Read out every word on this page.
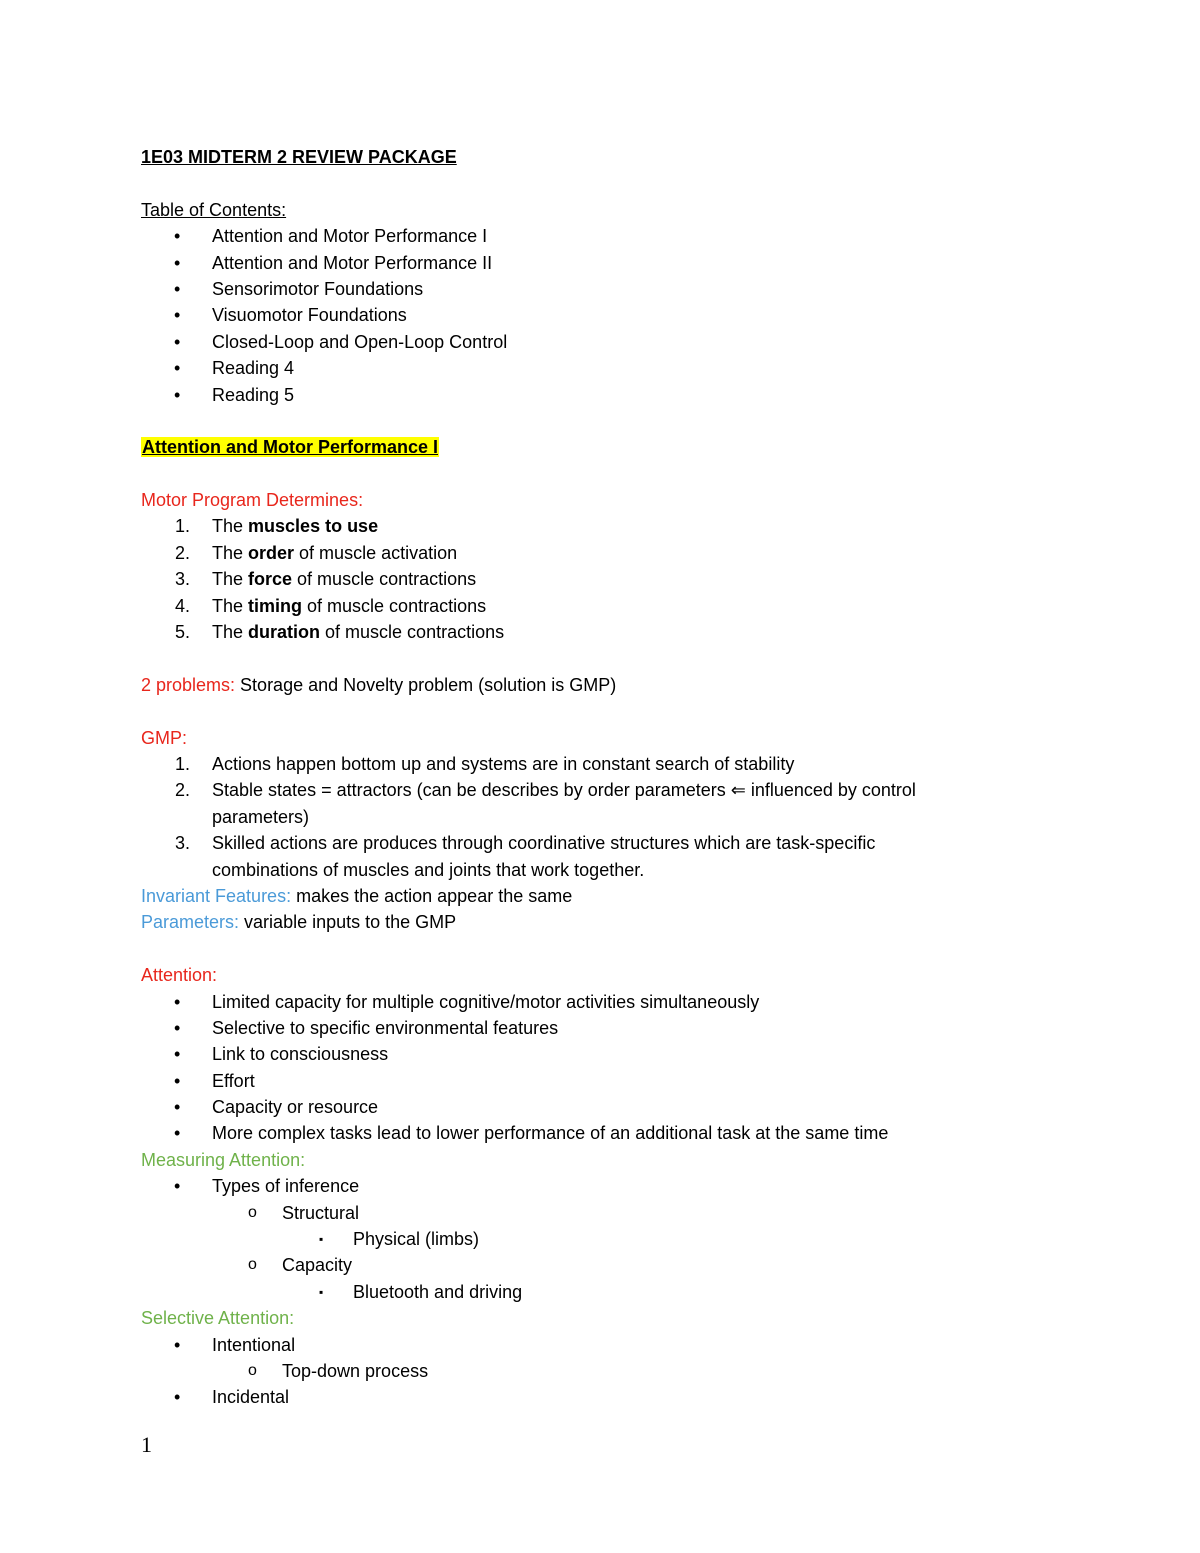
1E03 MIDTERM 2 REVIEW PACKAGE
Table of Contents:
• Attention and Motor Performance I
• Attention and Motor Performance II
• Sensorimotor Foundations
• Visuomotor Foundations
• Closed-Loop and Open-Loop Control
• Reading 4
• Reading 5
Attention and Motor Performance I
Motor Program Determines:
1. The muscles to use
2. The order of muscle activation
3. The force of muscle contractions
4. The timing of muscle contractions
5. The duration of muscle contractions
2 problems: Storage and Novelty problem (solution is GMP)
GMP:
1. Actions happen bottom up and systems are in constant search of stability
2. Stable states = attractors (can be describes by order parameters ⇐ influenced by control
parameters)
3. Skilled actions are produces through coordinative structures which are task-specific
combinations of muscles and joints that work together.
Invariant Features: makes the action appear the same
Parameters: variable inputs to the GMP
Attention:
• Limited capacity for multiple cognitive/motor activities simultaneously
• Selective to specific environmental features
• Link to consciousness
• Effort
• Capacity or resource
• More complex tasks lead to lower performance of an additional task at the same time
Measuring Attention:
• Types of inference
o Structural
▪ Physical (limbs)
o Capacity
▪ Bluetooth and driving
Selective Attention:
• Intentional
o Top-down process
• Incidental
1
